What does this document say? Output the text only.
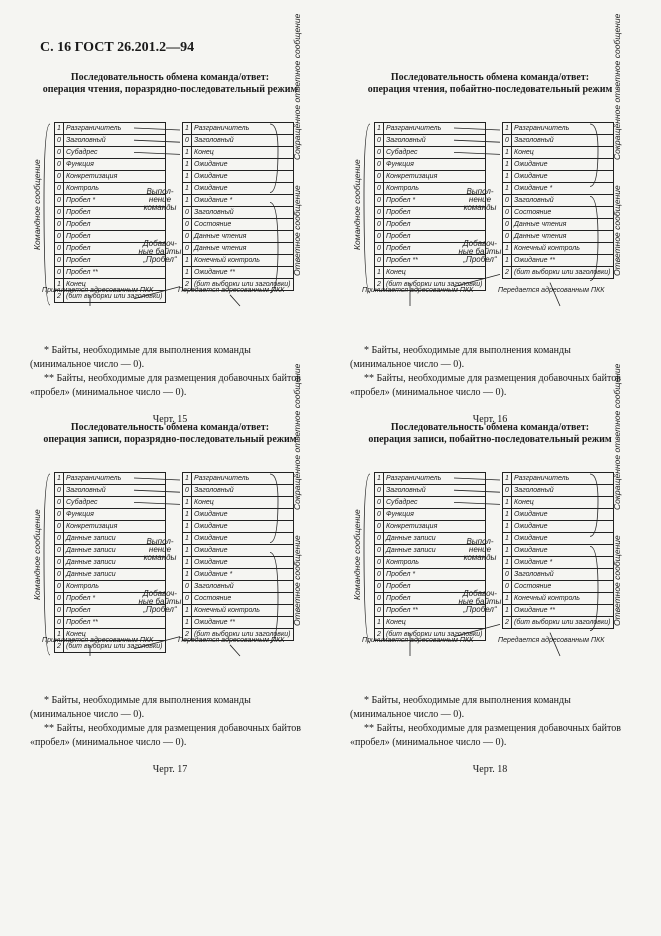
С. 16 ГОСТ 26.201.2—94
Последовательность обмена команда/ответ:
операция чтения, поразрядно-последовательный режим
Командное сообщение
Сокращённое ответное сообщение
Ответное сообщение
1	Разграничитель
0	Заголовный
0	Субадрес
0	Функция
0	Конкретизация
0	Контроль
0	Пробел *
0	Пробел
0	Пробел
0	Пробел
0	Пробел
0	Пробел
0	Пробел **
1	Конец
2	(бит выборки или заголовки)
1	Разграничитель
0	Заголовный
1	Конец
1	Ожидание
1	Ожидание
1	Ожидание
1	Ожидание *
0	Заголовный
0	Состояние
0	Данные чтения
0	Данные чтения
1	Конечный контроль
1	Ожидание **
2	(бит выборки или заголовки)
Выпол-нение команды
Добавоч-ные байты „Пробел“
Принимается адресованным ПКК	Передается адресованным ПКК

* Байты, необходимые для выполнения команды (минимальное число — 0).

** Байты, необходимые для размещения добавочных байтов «пробел» (минимальное число — 0).

Черт. 15
Последовательность обмена команда/ответ:
операция чтения, побайтно-последовательный режим
Командное сообщение
Сокращённое ответное сообщение
Ответное сообщение
1	Разграничитель
0	Заголовный
0	Субадрес
0	Функция
0	Конкретизация
0	Контроль
0	Пробел *
0	Пробел
0	Пробел
0	Пробел
0	Пробел
0	Пробел **
1	Конец
2	(бит выборки или заголовки)
1	Разграничитель
0	Заголовный
1	Конец
1	Ожидание
1	Ожидание
1	Ожидание *
0	Заголовный
0	Состояние
0	Данные чтения
0	Данные чтения
1	Конечный контроль
1	Ожидание **
2	(бит выборки или заголовки)
Выпол-нение команды
Добавоч-ные байты „Пробел“
Принимается адресованным ПКК	Передается адресованным ПКК

* Байты, необходимые для выполнения команды (минимальное число — 0).

** Байты, необходимые для размещения добавочных байтов «пробел» (минимальное число — 0).

Черт. 16
Последовательность обмена команда/ответ:
операция записи, поразрядно-последовательный режим
Командное сообщение
Сокращённое ответное сообщение
Ответное сообщение
1	Разграничитель
0	Заголовный
0	Субадрес
0	Функция
0	Конкретизация
0	Данные записи
0	Данные записи
0	Данные записи
0	Данные записи
0	Контроль
0	Пробел *
0	Пробел
0	Пробел **
1	Конец
2	(бит выборки или заголовки)
1	Разграничитель
0	Заголовный
1	Конец
1	Ожидание
1	Ожидание
1	Ожидание
1	Ожидание
1	Ожидание
1	Ожидание *
0	Заголовный
0	Состояние
1	Конечный контроль
1	Ожидание **
2	(бит выборки или заголовки)
Выпол-нение команды
Добавоч-ные байты „Пробел“
Принимается адресованным ПКК	Передается адресованным ПКК

* Байты, необходимые для выполнения команды (минимальное число — 0).

** Байты, необходимые для размещения добавочных байтов «пробел» (минимальное число — 0).

Черт. 17
Последовательность обмена команда/ответ:
операция записи, побайтно-последовательный режим
Командное сообщение
Сокращённое ответное сообщение
Ответное сообщение
1	Разграничитель
0	Заголовный
0	Субадрес
0	Функция
0	Конкретизация
0	Данные записи
0	Данные записи
0	Контроль
0	Пробел *
0	Пробел
0	Пробел
0	Пробел **
1	Конец
2	(бит выборки или заголовки)
1	Разграничитель
0	Заголовный
1	Конец
1	Ожидание
1	Ожидание
1	Ожидание
1	Ожидание
1	Ожидание *
0	Заголовный
0	Состояние
1	Конечный контроль
1	Ожидание **
2	(бит выборки или заголовки)
Выпол-нение команды
Добавоч-ные байты „Пробел“
Принимается адресованным ПКК	Передается адресованным ПКК

* Байты, необходимые для выполнения команды (минимальное число — 0).

** Байты, необходимые для размещения добавочных байтов «пробел» (минимальное число — 0).

Черт. 18
